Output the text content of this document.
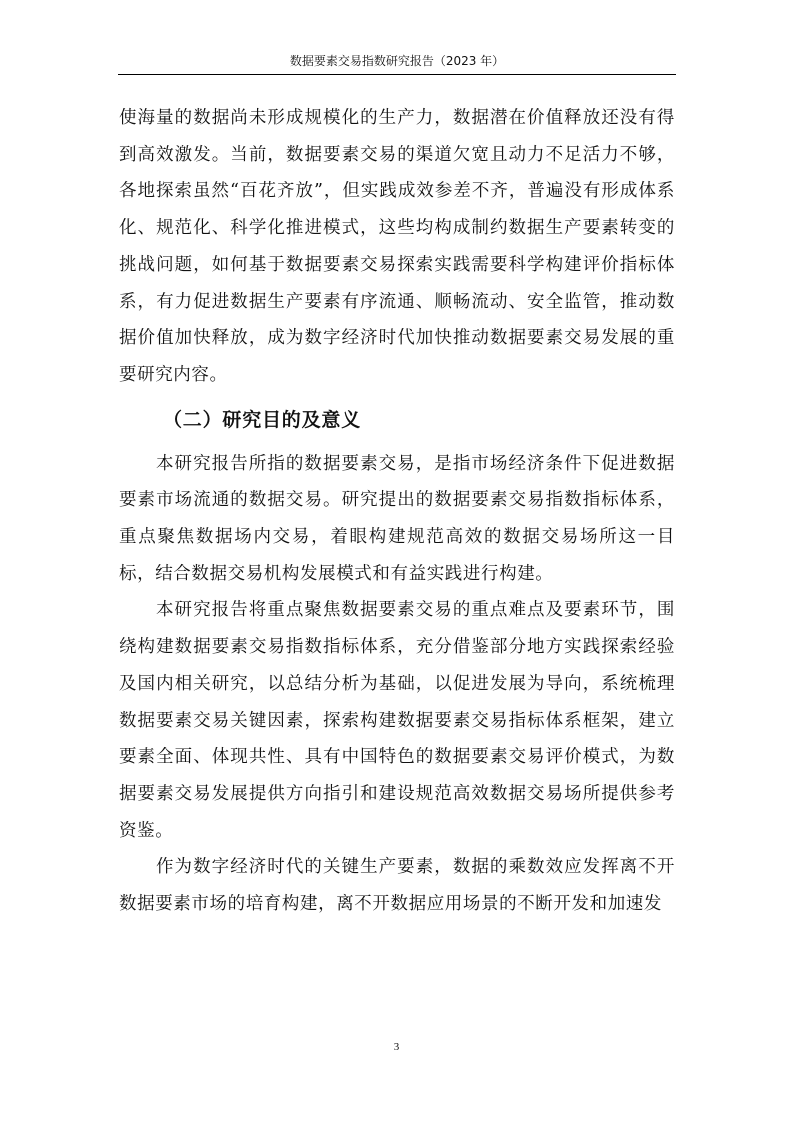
数据要素交易指数研究报告（2023 年）

使海量的数据尚未形成规模化的生产力，数据潜在价值释放还没有得到高效激发。当前，数据要素交易的渠道欠宽且动力不足活力不够，各地探索虽然“百花齐放”，但实践成效参差不齐，普遍没有形成体系化、规范化、科学化推进模式，这些均构成制约数据生产要素转变的挑战问题，如何基于数据要素交易探索实践需要科学构建评价指标体系，有力促进数据生产要素有序流通、顺畅流动、安全监管，推动数据价值加快释放，成为数字经济时代加快推动数据要素交易发展的重要研究内容。

（二）研究目的及意义

本研究报告所指的数据要素交易，是指市场经济条件下促进数据要素市场流通的数据交易。研究提出的数据要素交易指数指标体系，重点聚焦数据场内交易，着眼构建规范高效的数据交易场所这一目标，结合数据交易机构发展模式和有益实践进行构建。

本研究报告将重点聚焦数据要素交易的重点难点及要素环节，围绕构建数据要素交易指数指标体系，充分借鉴部分地方实践探索经验及国内相关研究，以总结分析为基础，以促进发展为导向，系统梳理数据要素交易关键因素，探索构建数据要素交易指标体系框架，建立要素全面、体现共性、具有中国特色的数据要素交易评价模式，为数据要素交易发展提供方向指引和建设规范高效数据交易场所提供参考资鉴。

作为数字经济时代的关键生产要素，数据的乘数效应发挥离不开数据要素市场的培育构建，离不开数据应用场景的不断开发和加速发

3
